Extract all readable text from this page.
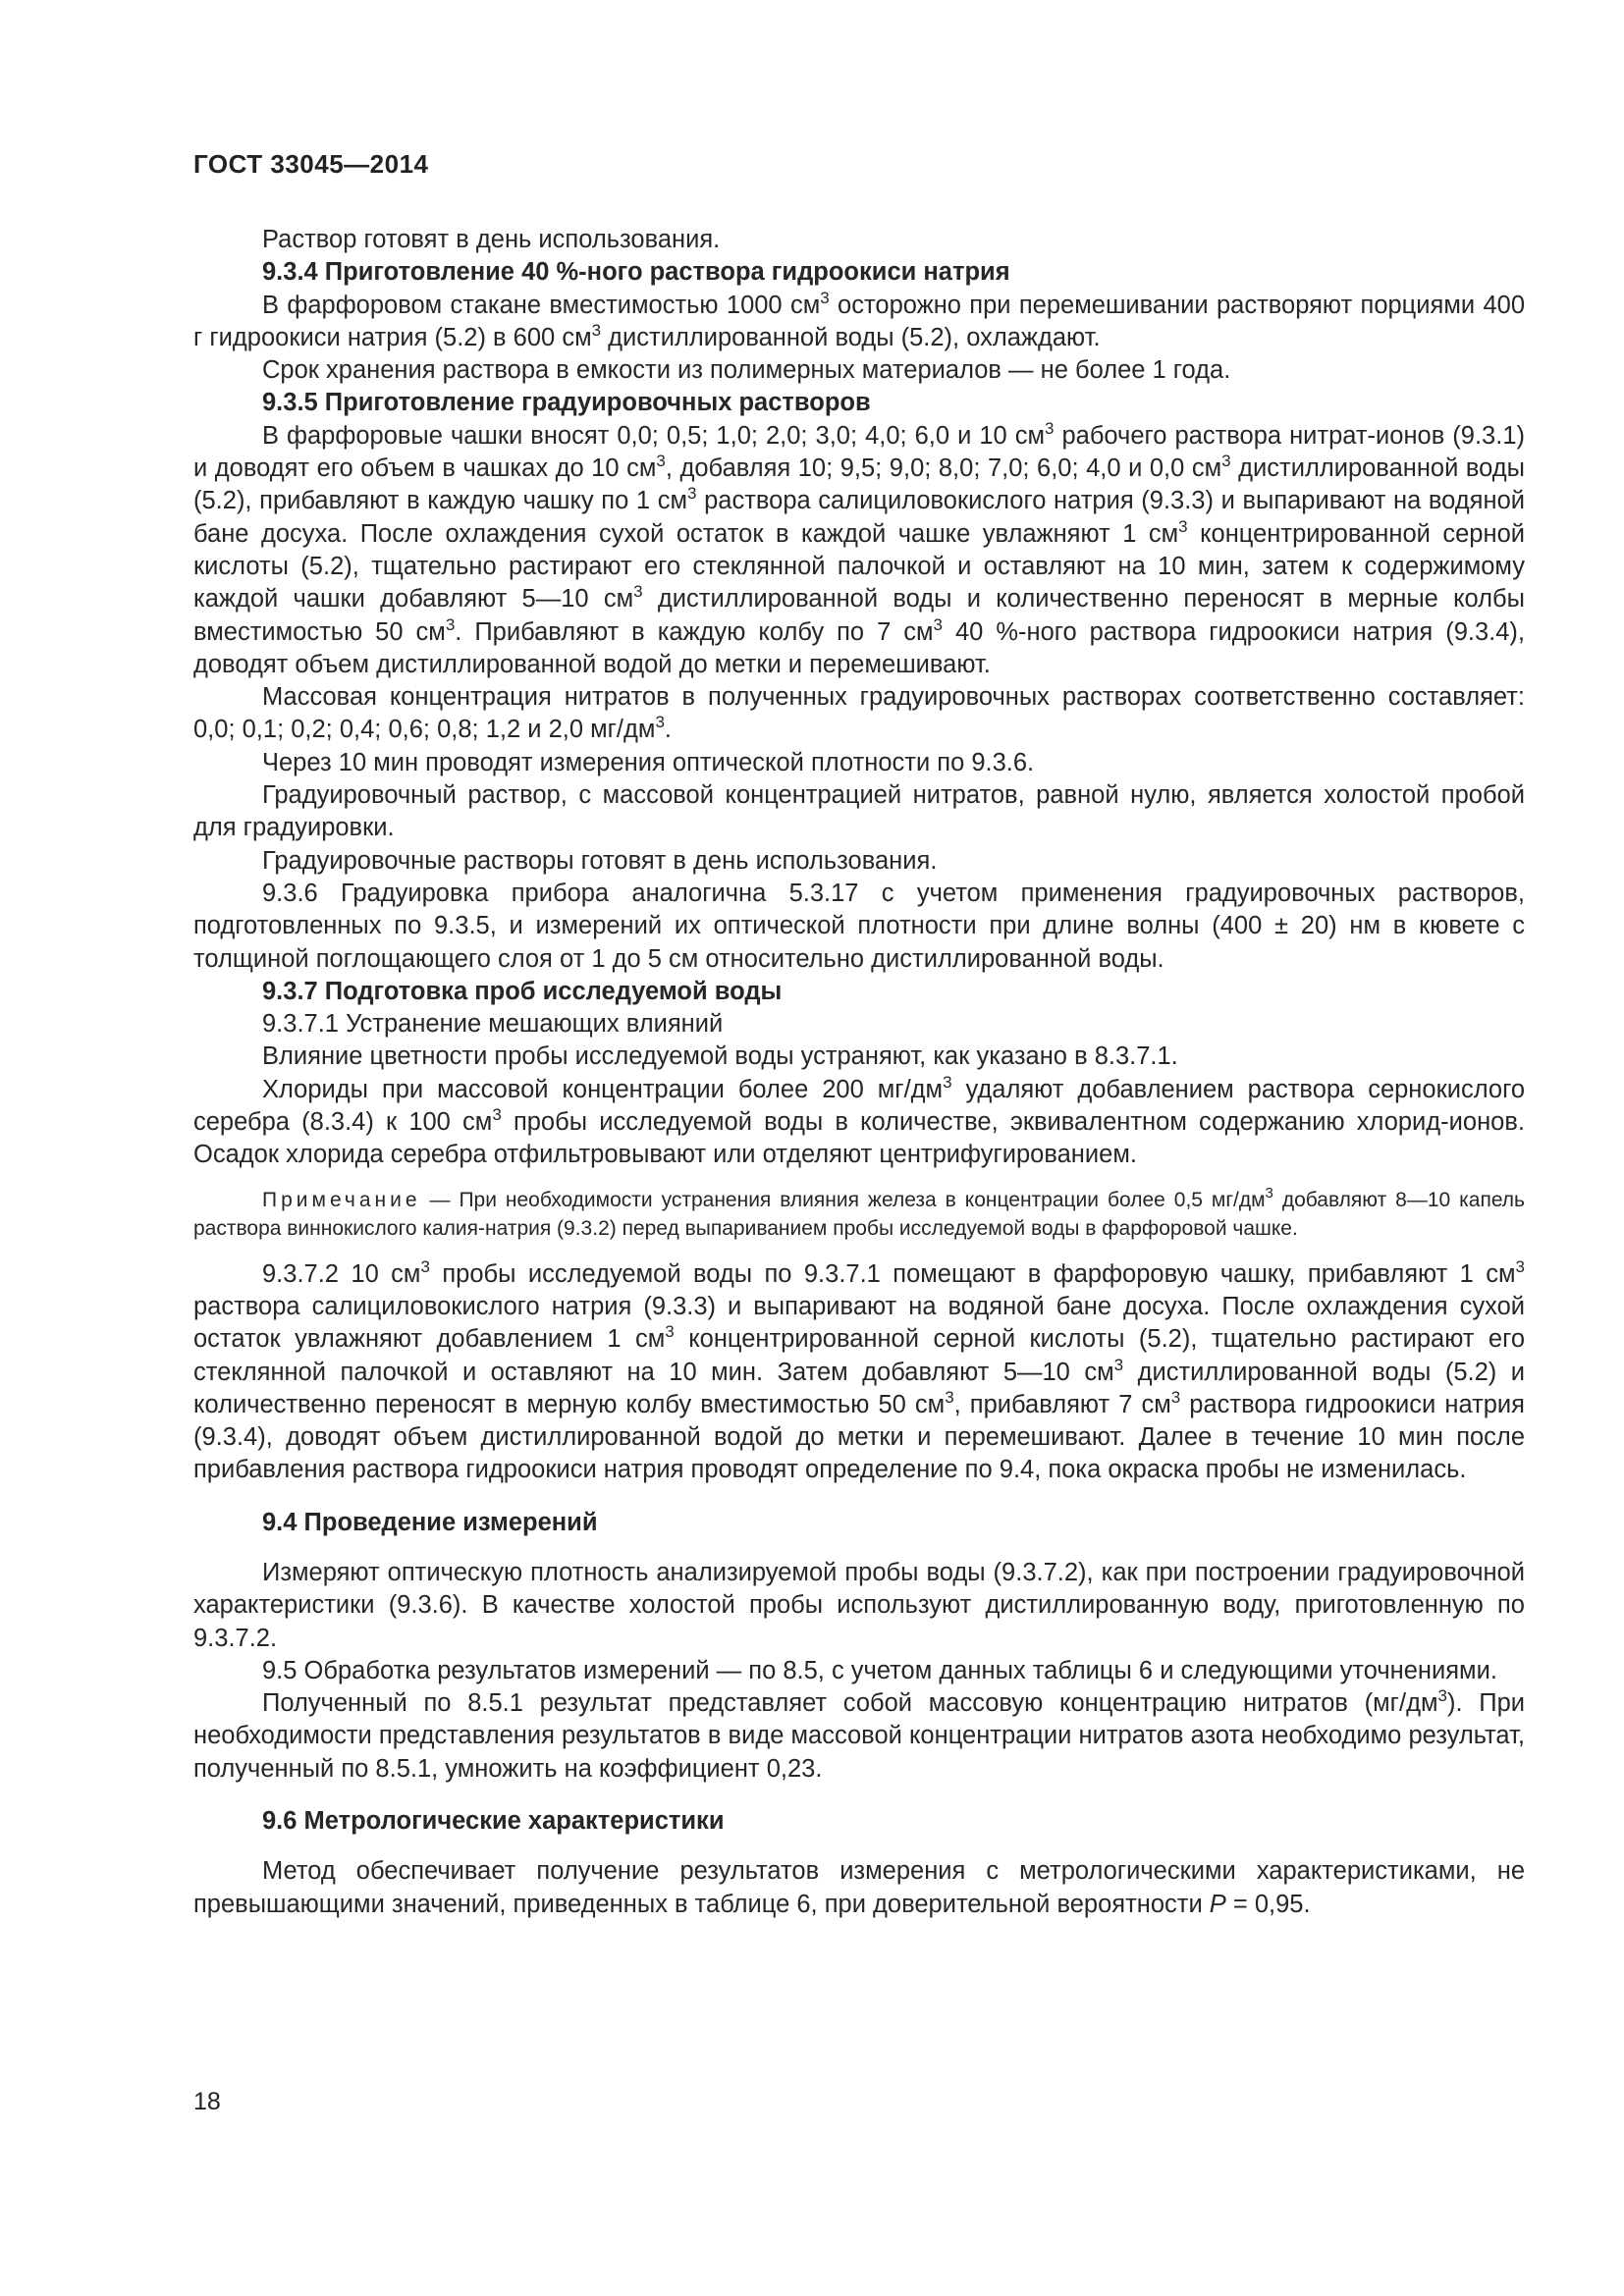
ГОСТ 33045—2014

Раствор готовят в день использования.

9.3.4 Приготовление 40 %-ного раствора гидроокиси натрия

В фарфоровом стакане вместимостью 1000 $см^3$ осторожно при перемешивании растворяют порциями 400 г гидроокиси натрия (5.2) в 600 $см^3$ дистиллированной воды (5.2), охлаждают.

Срок хранения раствора в емкости из полимерных материалов — не более 1 года.

9.3.5 Приготовление градуировочных растворов

В фарфоровые чашки вносят 0,0; 0,5; 1,0; 2,0; 3,0; 4,0; 6,0 и 10 $см^3$ рабочего раствора нитрат-ионов (9.3.1) и доводят его объем в чашках до 10 $см^3$, добавляя 10; 9,5; 9,0; 8,0; 7,0; 6,0; 4,0 и 0,0 $см^3$ дистиллированной воды (5.2), прибавляют в каждую чашку по 1 $см^3$ раствора салициловокислого натрия (9.3.3) и выпаривают на водяной бане досуха. После охлаждения сухой остаток в каждой чашке увлажняют 1 $см^3$ концентрированной серной кислоты (5.2), тщательно растирают его стеклянной палочкой и оставляют на 10 мин, затем к содержимому каждой чашки добавляют 5—10 $см^3$ дистиллированной воды и количественно переносят в мерные колбы вместимостью 50 $см^3$. Прибавляют в каждую колбу по 7 $см^3$ 40 %-ного раствора гидроокиси натрия (9.3.4), доводят объем дистиллированной водой до метки и перемешивают.

Массовая концентрация нитратов в полученных градуировочных растворах соответственно составляет: 0,0; 0,1; 0,2; 0,4; 0,6; 0,8; 1,2 и 2,0 $мг/дм^3$.

Через 10 мин проводят измерения оптической плотности по 9.3.6.

Градуировочный раствор, с массовой концентрацией нитратов, равной нулю, является холостой пробой для градуировки.

Градуировочные растворы готовят в день использования.

9.3.6 Градуировка прибора аналогична 5.3.17 с учетом применения градуировочных растворов, подготовленных по 9.3.5, и измерений их оптической плотности при длине волны (400 ± 20) нм в кювете с толщиной поглощающего слоя от 1 до 5 см относительно дистиллированной воды.

9.3.7 Подготовка проб исследуемой воды

9.3.7.1 Устранение мешающих влияний

Влияние цветности пробы исследуемой воды устраняют, как указано в 8.3.7.1.

Хлориды при массовой концентрации более 200 $мг/дм^3$ удаляют добавлением раствора сернокислого серебра (8.3.4) к 100 $см^3$ пробы исследуемой воды в количестве, эквивалентном содержанию хлорид-ионов. Осадок хлорида серебра отфильтровывают или отделяют центрифугированием.

Примечание — При необходимости устранения влияния железа в концентрации более 0,5 $мг/дм^3$ добавляют 8—10 капель раствора виннокислого калия-натрия (9.3.2) перед выпариванием пробы исследуемой воды в фарфоровой чашке.

9.3.7.2 10 $см^3$ пробы исследуемой воды по 9.3.7.1 помещают в фарфоровую чашку, прибавляют 1 $см^3$ раствора салициловокислого натрия (9.3.3) и выпаривают на водяной бане досуха. После охлаждения сухой остаток увлажняют добавлением 1 $см^3$ концентрированной серной кислоты (5.2), тщательно растирают его стеклянной палочкой и оставляют на 10 мин. Затем добавляют 5—10 $см^3$ дистиллированной воды (5.2) и количественно переносят в мерную колбу вместимостью 50 $см^3$, прибавляют 7 $см^3$ раствора гидроокиси натрия (9.3.4), доводят объем дистиллированной водой до метки и перемешивают. Далее в течение 10 мин после прибавления раствора гидроокиси натрия проводят определение по 9.4, пока окраска пробы не изменилась.

9.4 Проведение измерений

Измеряют оптическую плотность анализируемой пробы воды (9.3.7.2), как при построении градуировочной характеристики (9.3.6). В качестве холостой пробы используют дистиллированную воду, приготовленную по 9.3.7.2.

9.5 Обработка результатов измерений — по 8.5, с учетом данных таблицы 6 и следующими уточнениями.

Полученный по 8.5.1 результат представляет собой массовую концентрацию нитратов $(мг/дм^3)$. При необходимости представления результатов в виде массовой концентрации нитратов азота необходимо результат, полученный по 8.5.1, умножить на коэффициент 0,23.

9.6 Метрологические характеристики

Метод обеспечивает получение результатов измерения с метрологическими характеристиками, не превышающими значений, приведенных в таблице 6, при доверительной вероятности P = 0,95.

18
